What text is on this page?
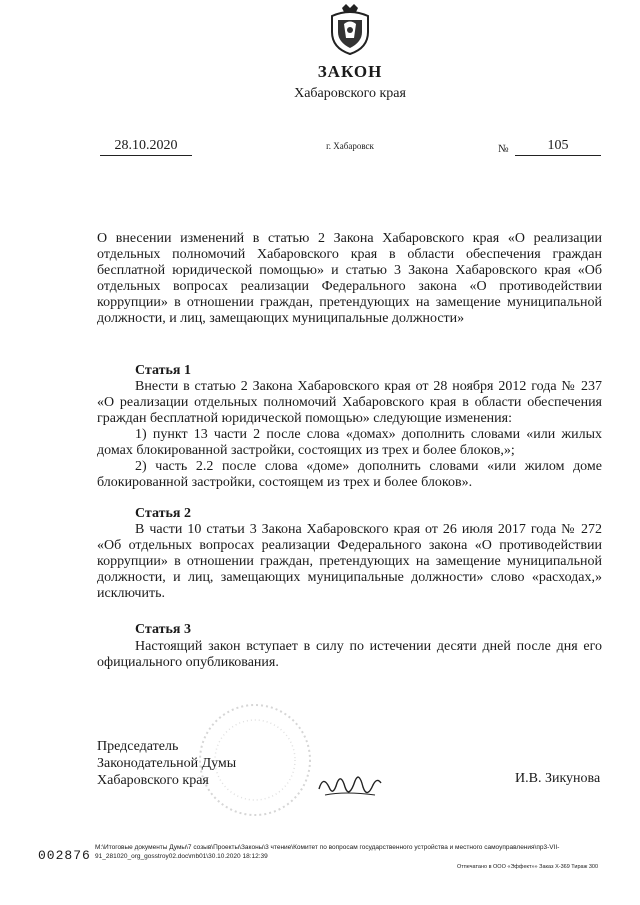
ЗАКОН
Хабаровского края
28.10.2020	г. Хабаровск	№	105
О внесении изменений в статью 2 Закона Хабаровского края «О реализации отдельных полномочий Хабаровского края в области обеспечения граждан бесплатной юридической помощью» и статью 3 Закона Хабаровского края «Об отдельных вопросах реализации Федерального закона «О противодействии коррупции» в отношении граждан, претендующих на замещение муниципальной должности, и лиц, замещающих муниципальные должности»
Статья 1
Внести в статью 2 Закона Хабаровского края от 28 ноября 2012 года № 237 «О реализации отдельных полномочий Хабаровского края в области обеспечения граждан бесплатной юридической помощью» следующие изменения:
1) пункт 13 части 2 после слова «домах» дополнить словами «или жилых домах блокированной застройки, состоящих из трех и более блоков,»;
2) часть 2.2 после слова «доме» дополнить словами «или жилом доме блокированной застройки, состоящем из трех и более блоков».
Статья 2
В части 10 статьи 3 Закона Хабаровского края от 26 июля 2017 года № 272 «Об отдельных вопросах реализации Федерального закона «О противодействии коррупции» в отношении граждан, претендующих на замещение муниципальной должности, и лиц, замещающих муниципальные должности» слово «расходах,» исключить.
Статья 3
Настоящий закон вступает в силу по истечении десяти дней после дня его официального опубликования.
Председатель
Законодательной Думы
Хабаровского края	И.В. Зикунова
002876
M:\Итоговые документы Думы\7 созыв\Проекты\Законы\3 чтение\Комитет по вопросам государственного устройства и местного самоуправления\пр3-VII-91_281020_org_gosstroy02.doc\mb01\30.10.2020 18:12:39
Отпечатано в ООО «Эффект»» Заказ Х-369 Тираж 300
